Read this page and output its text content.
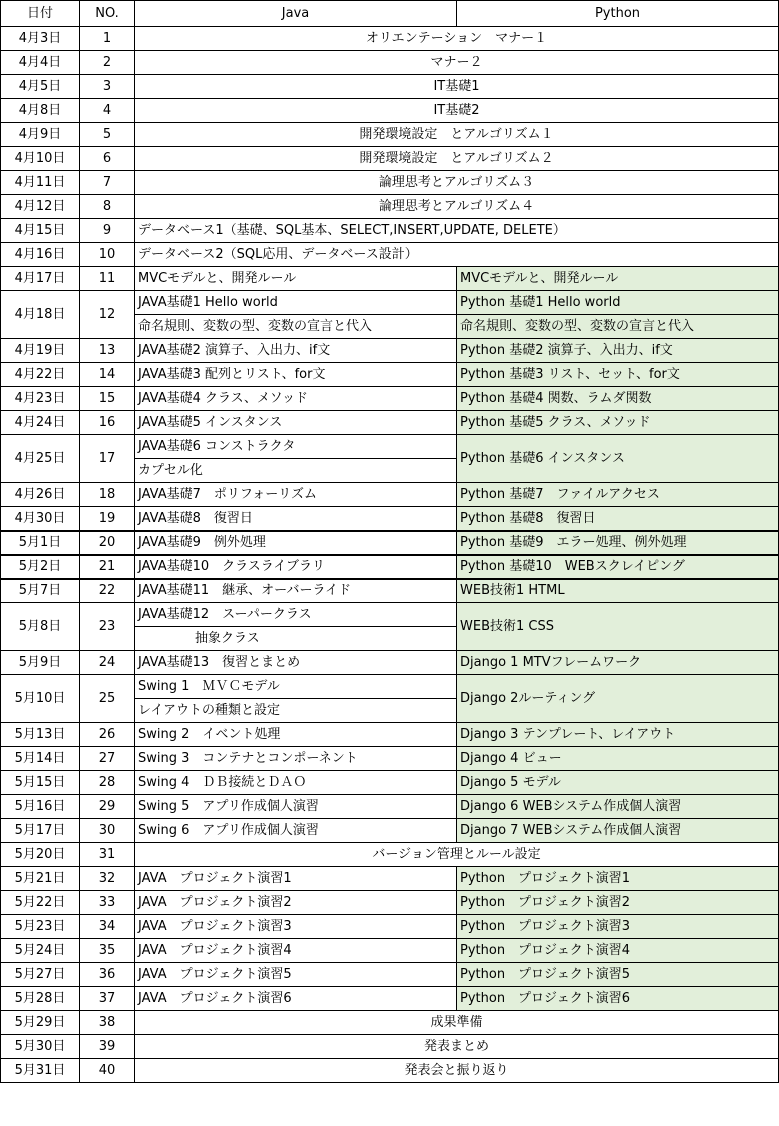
日付	NO.	Java	Python
4月3日	1	オリエンテーション　マナー１	
4月4日	2	マナー２	
4月5日	3	IT基礎1	
4月8日	4	IT基礎2	
4月9日	5	開発環境設定　とアルゴリズム１	
4月10日	6	開発環境設定　とアルゴリズム２	
4月11日	7	論理思考とアルゴリズム３	
4月12日	8	論理思考とアルゴリズム４	
4月15日	9	データベース1（基礎、SQL基本、SELECT,INSERT,UPDATE, DELETE）	
4月16日	10	データベース2（SQL応用、データベース設計）	
4月17日	11	MVCモデルと、開発ルール	MVCモデルと、開発ルール
4月18日	12	JAVA基礎1 Hello world	Python 基礎1 Hello world
		命名規則、変数の型、変数の宣言と代入	命名規則、変数の型、変数の宣言と代入
4月19日	13	JAVA基礎2 演算子、入出力、if文	Python 基礎2 演算子、入出力、if文
4月22日	14	JAVA基礎3 配列とリスト、for文	Python 基礎3 リスト、セット、for文
4月23日	15	JAVA基礎4 クラス、メソッド	Python 基礎4 関数、ラムダ関数
4月24日	16	JAVA基礎5 インスタンス	Python 基礎5 クラス、メソッド
4月25日	17	JAVA基礎6 コンストラクタ	Python 基礎6 インスタンス
		カプセル化	
4月26日	18	JAVA基礎7　ポリフォーリズム	Python 基礎7　ファイルアクセス
4月30日	19	JAVA基礎8　復習日	Python 基礎8　復習日
5月1日	20	JAVA基礎9　例外処理	Python 基礎9　エラー処理、例外処理
5月2日	21	JAVA基礎10　クラスライブラリ	Python 基礎10　WEBスクレイピング
5月7日	22	JAVA基礎11　継承、オーバーライド	WEB技術1 HTML
5月8日	23	JAVA基礎12　スーパークラス	WEB技術1 CSS
		抽象クラス	
5月9日	24	JAVA基礎13　復習とまとめ	Django 1 MTVフレームワーク
5月10日	25	Swing 1　ＭＶＣモデル	Django 2ルーティング
		レイアウトの種類と設定	
5月13日	26	Swing 2　イベント処理	Django 3 テンプレート、レイアウト
5月14日	27	Swing 3　コンテナとコンポーネント	Django 4 ビュー
5月15日	28	Swing 4　ＤＢ接続とＤＡＯ	Django 5 モデル
5月16日	29	Swing 5　アプリ作成個人演習	Django 6 WEBシステム作成個人演習
5月17日	30	Swing 6　アプリ作成個人演習	Django 7 WEBシステム作成個人演習
5月20日	31	バージョン管理とルール設定	
5月21日	32	JAVA　プロジェクト演習1	Python　プロジェクト演習1
5月22日	33	JAVA　プロジェクト演習2	Python　プロジェクト演習2
5月23日	34	JAVA　プロジェクト演習3	Python　プロジェクト演習3
5月24日	35	JAVA　プロジェクト演習4	Python　プロジェクト演習4
5月27日	36	JAVA　プロジェクト演習5	Python　プロジェクト演習5
5月28日	37	JAVA　プロジェクト演習6	Python　プロジェクト演習6
5月29日	38	成果準備	
5月30日	39	発表まとめ	
5月31日	40	発表会と振り返り	
